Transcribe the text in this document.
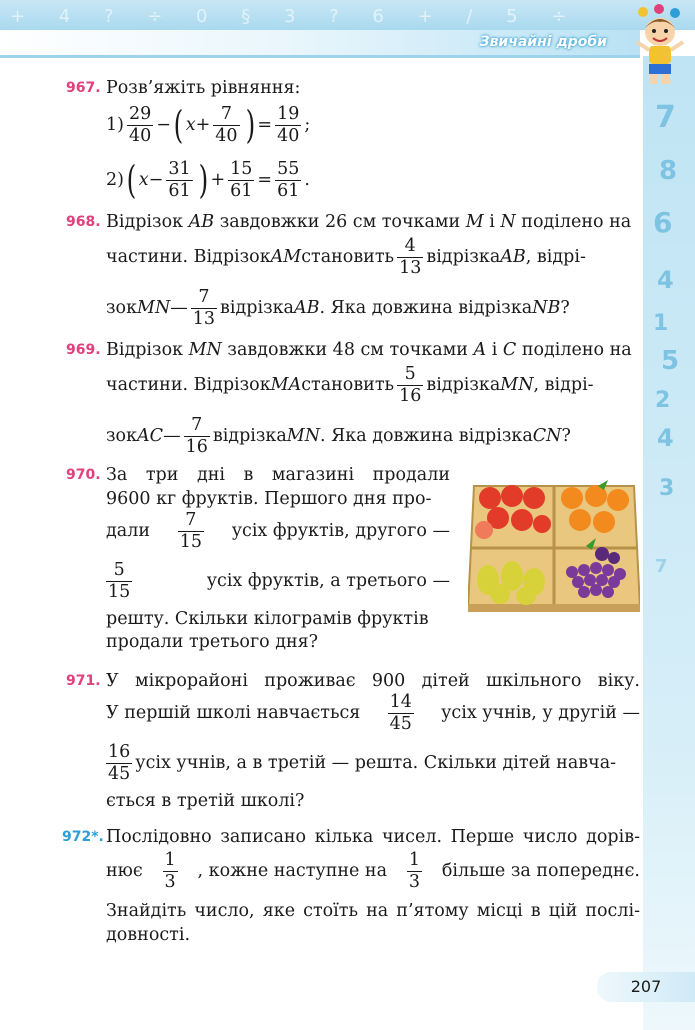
+ 4 ? ÷ 0 § 3 ? 6 + / 5 ÷
Звичайні дроби
7
8
6
4
1
5
2
4
3
7
967. Розв’яжіть рівняння:
$1) \frac{29}{40}$ − ( $x + \frac{7}{40}$ ) = $\frac{19}{40}$ ;
2) ( $x - \frac{31}{61}$ ) + $\frac{15}{61} = \frac{55}{61}$ .
968. Відрізок AB завдовжки 26 см точками M і N поділено на
частини. Відрізок AM становить $\frac{4}{13}$ відрізка AB , відрі-
зок MN — $\frac{7}{13}$ відрізка AB . Яка довжина відрізка NB ?
969. Відрізок MN завдовжки 48 см точками A і C поділено на
частини. Відрізок MA становить $\frac{5}{16}$ відрізка MN , відрі-
зок AC — $\frac{7}{16}$ відрізка MN . Яка довжина відрізка CN ?
970. За три дні в магазині продали
9600 кг фруктів. Першого дня про-
дали $\frac{7}{15}$ усіх фруктів, другого —
$\frac{5}{15}$	усіх фруктів, а третього —
решту. Скільки кілограмів фруктів
продали третього дня?
971. У мікрорайоні проживає 900 дітей шкільного віку.
У першій школі навчається $\frac{14}{45}$ усіх учнів, у другій —
$\frac{16}{45}$ усіх учнів, а в третій — решта. Скільки дітей навча-
ється в третій школі?
972*. Послідовно записано кілька чисел. Перше число дорів-
нює $\frac{1}{3}$ , кожне наступне на $\frac{1}{3}$ більше за попереднє.
Знайдіть число, яке стоїть на п’ятому місці в цій послі-
довності.
207
